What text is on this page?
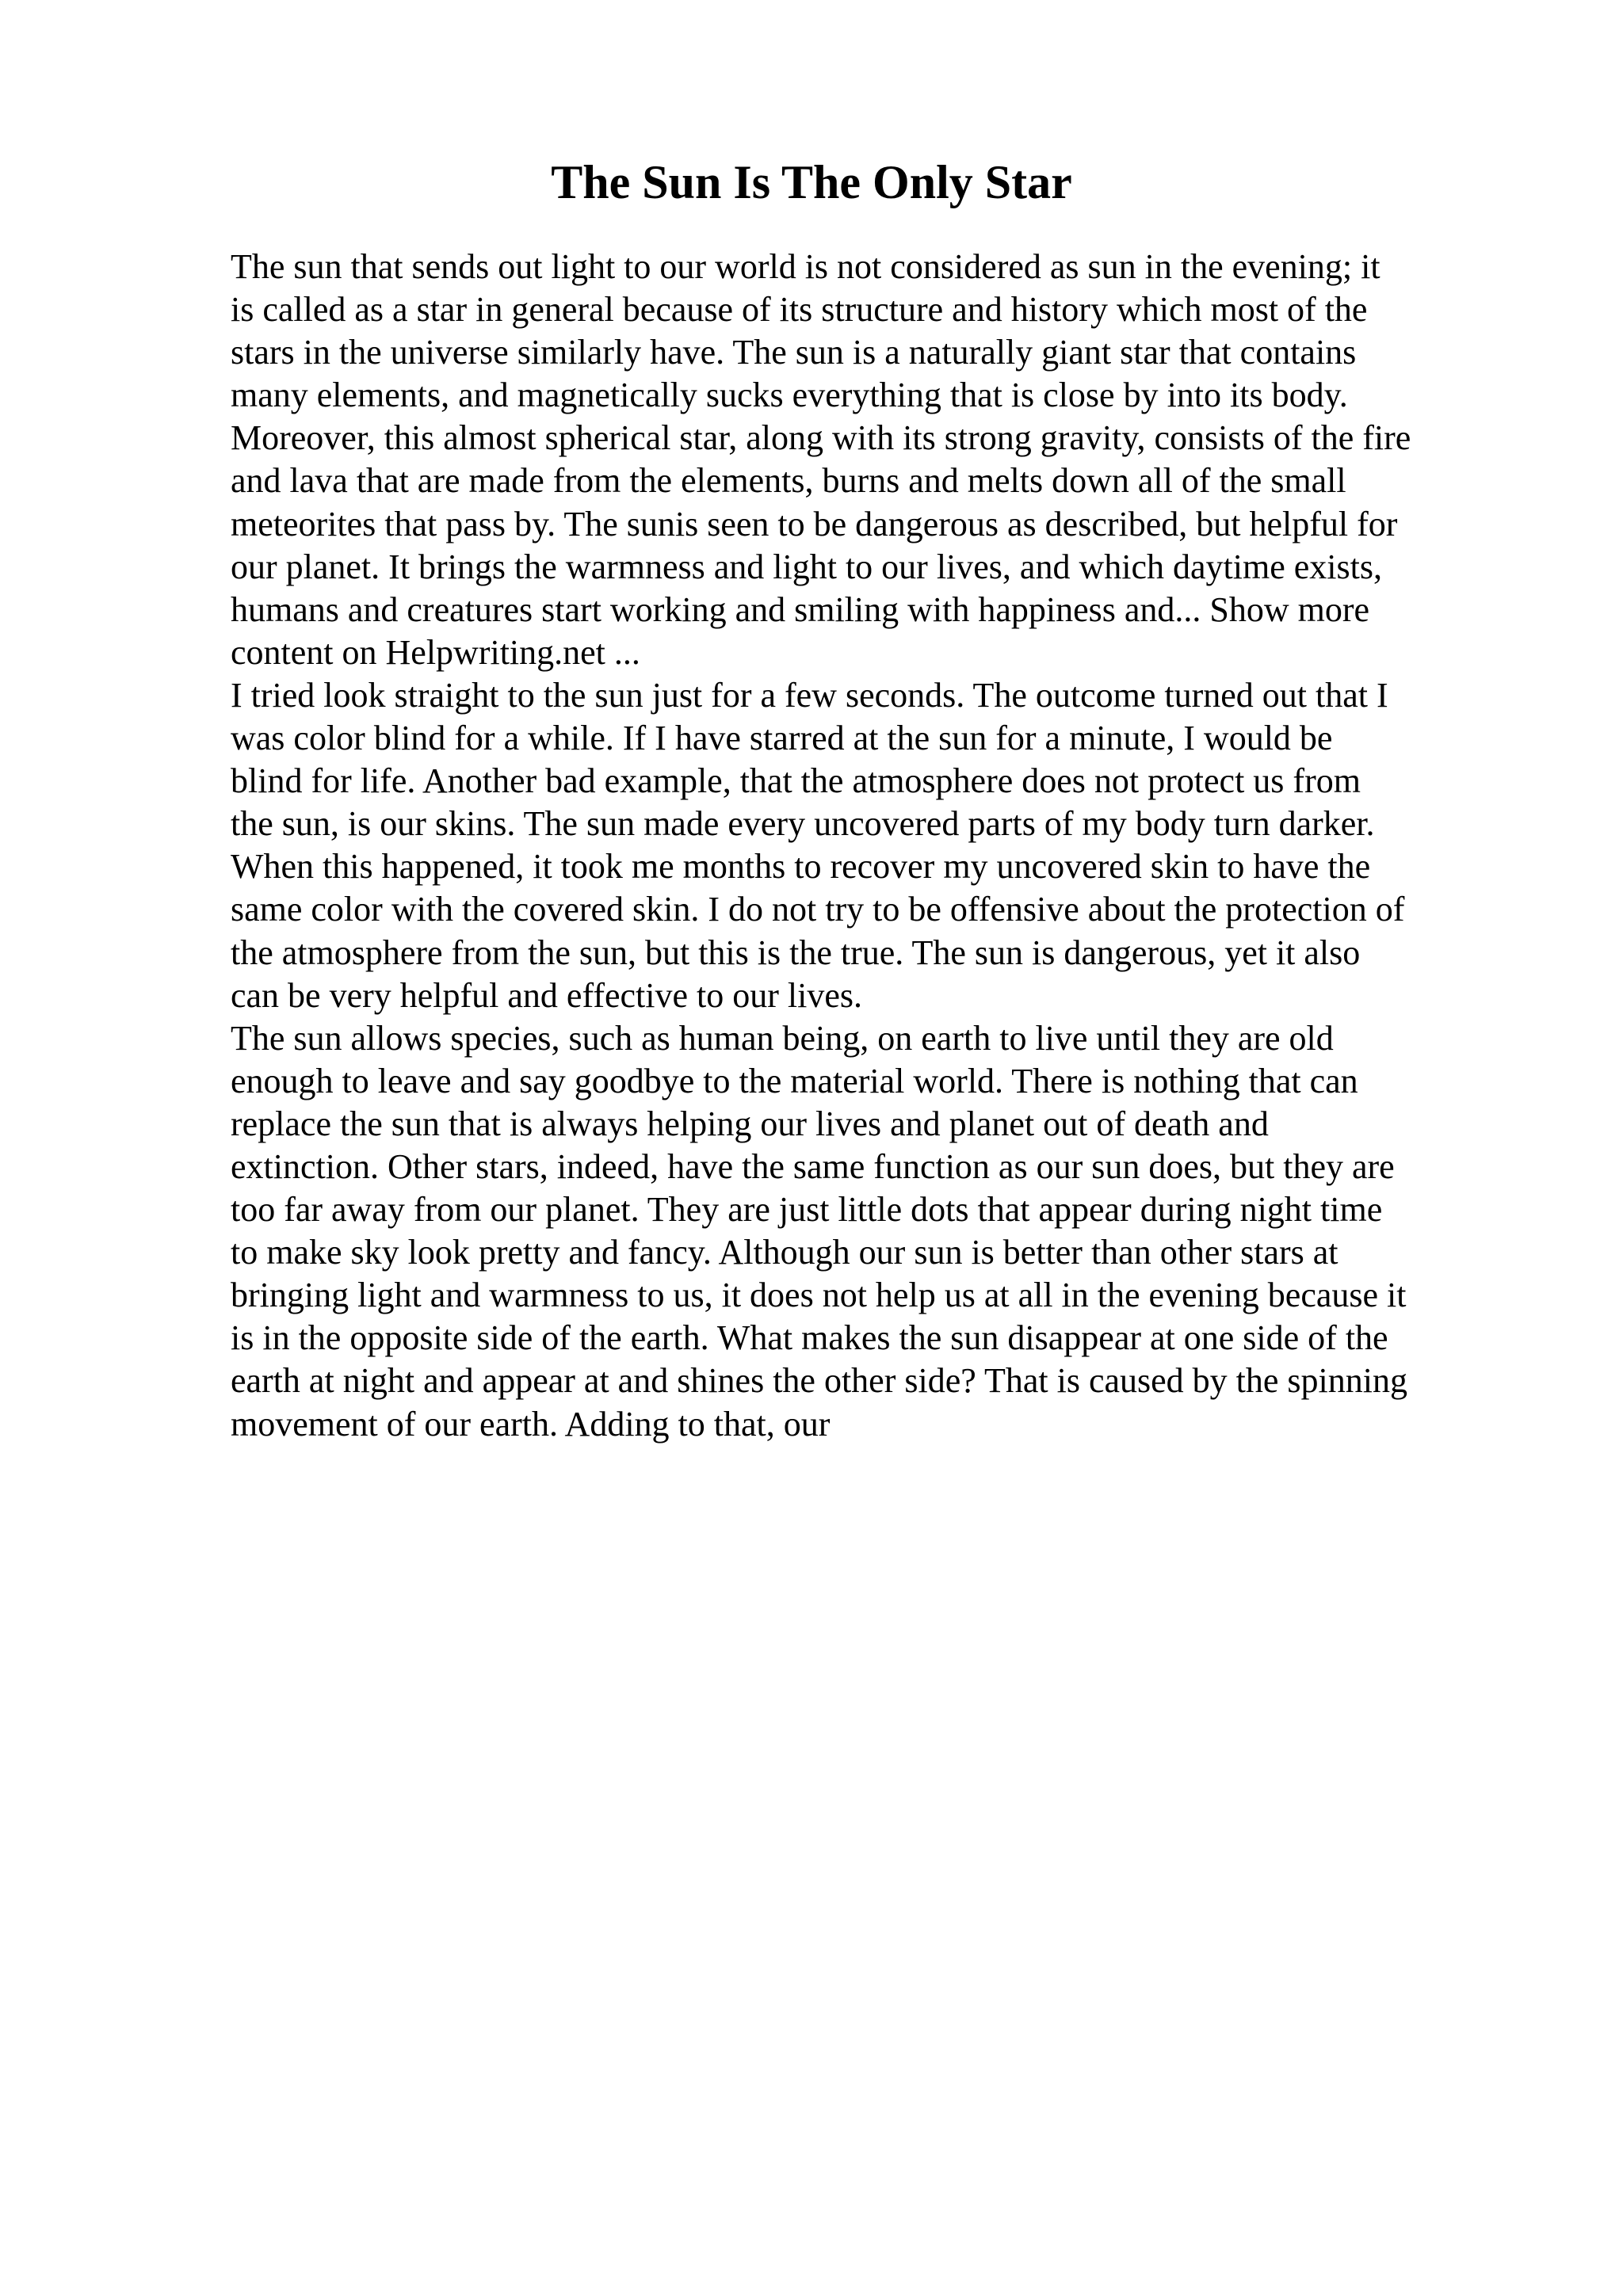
The Sun Is The Only Star

The sun that sends out light to our world is not considered as sun in the evening; it
is called as a star in general because of its structure and history which most of the
stars in the universe similarly have. The sun is a naturally giant star that contains
many elements, and magnetically sucks everything that is close by into its body.
Moreover, this almost spherical star, along with its strong gravity, consists of the fire
and lava that are made from the elements, burns and melts down all of the small
meteorites that pass by. The sunis seen to be dangerous as described, but helpful for
our planet. It brings the warmness and light to our lives, and which daytime exists,
humans and creatures start working and smiling with happiness and... Show more
content on Helpwriting.net ...

I tried look straight to the sun just for a few seconds. The outcome turned out that I
was color blind for a while. If I have starred at the sun for a minute, I would be
blind for life. Another bad example, that the atmosphere does not protect us from
the sun, is our skins. The sun made every uncovered parts of my body turn darker.
When this happened, it took me months to recover my uncovered skin to have the
same color with the covered skin. I do not try to be offensive about the protection of
the atmosphere from the sun, but this is the true. The sun is dangerous, yet it also
can be very helpful and effective to our lives.

The sun allows species, such as human being, on earth to live until they are old
enough to leave and say goodbye to the material world. There is nothing that can
replace the sun that is always helping our lives and planet out of death and
extinction. Other stars, indeed, have the same function as our sun does, but they are
too far away from our planet. They are just little dots that appear during night time
to make sky look pretty and fancy. Although our sun is better than other stars at
bringing light and warmness to us, it does not help us at all in the evening because it
is in the opposite side of the earth. What makes the sun disappear at one side of the
earth at night and appear at and shines the other side? That is caused by the spinning
movement of our earth. Adding to that, our
